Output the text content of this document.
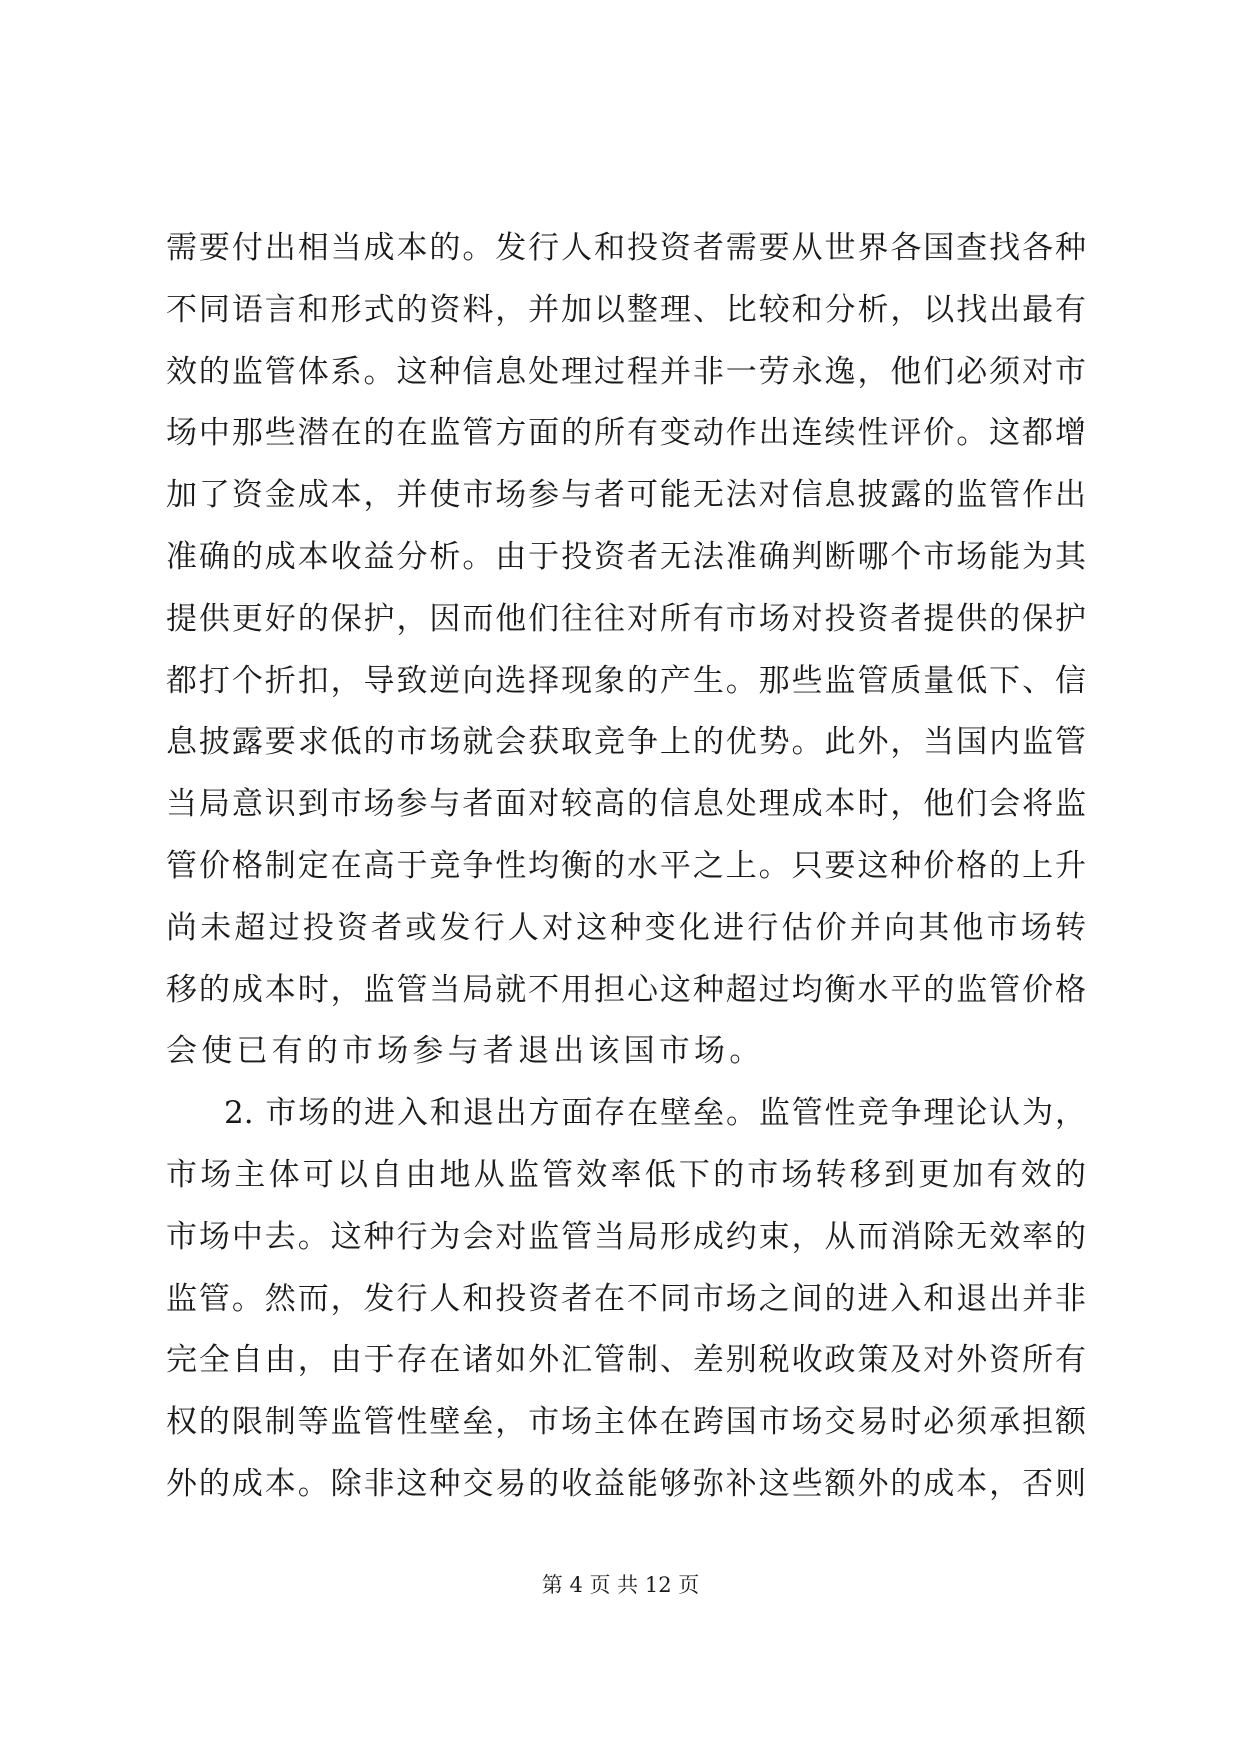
需要付出相当成本的。发行人和投资者需要从世界各国查找各种
不同语言和形式的资料，并加以整理、比较和分析，以找出最有
效的监管体系。这种信息处理过程并非一劳永逸，他们必须对市
场中那些潜在的在监管方面的所有变动作出连续性评价。这都增
加了资金成本，并使市场参与者可能无法对信息披露的监管作出
准确的成本收益分析。由于投资者无法准确判断哪个市场能为其
提供更好的保护，因而他们往往对所有市场对投资者提供的保护
都打个折扣，导致逆向选择现象的产生。那些监管质量低下、信
息披露要求低的市场就会获取竞争上的优势。此外，当国内监管
当局意识到市场参与者面对较高的信息处理成本时，他们会将监
管价格制定在高于竞争性均衡的水平之上。只要这种价格的上升
尚未超过投资者或发行人对这种变化进行估价并向其他市场转
移的成本时，监管当局就不用担心这种超过均衡水平的监管价格
会使已有的市场参与者退出该国市场。
2. 市场的进入和退出方面存在壁垒。监管性竞争理论认为，
市场主体可以自由地从监管效率低下的市场转移到更加有效的
市场中去。这种行为会对监管当局形成约束，从而消除无效率的
监管。然而，发行人和投资者在不同市场之间的进入和退出并非
完全自由，由于存在诸如外汇管制、差别税收政策及对外资所有
权的限制等监管性壁垒，市场主体在跨国市场交易时必须承担额
外的成本。除非这种交易的收益能够弥补这些额外的成本，否则
第 4 页 共 12 页
